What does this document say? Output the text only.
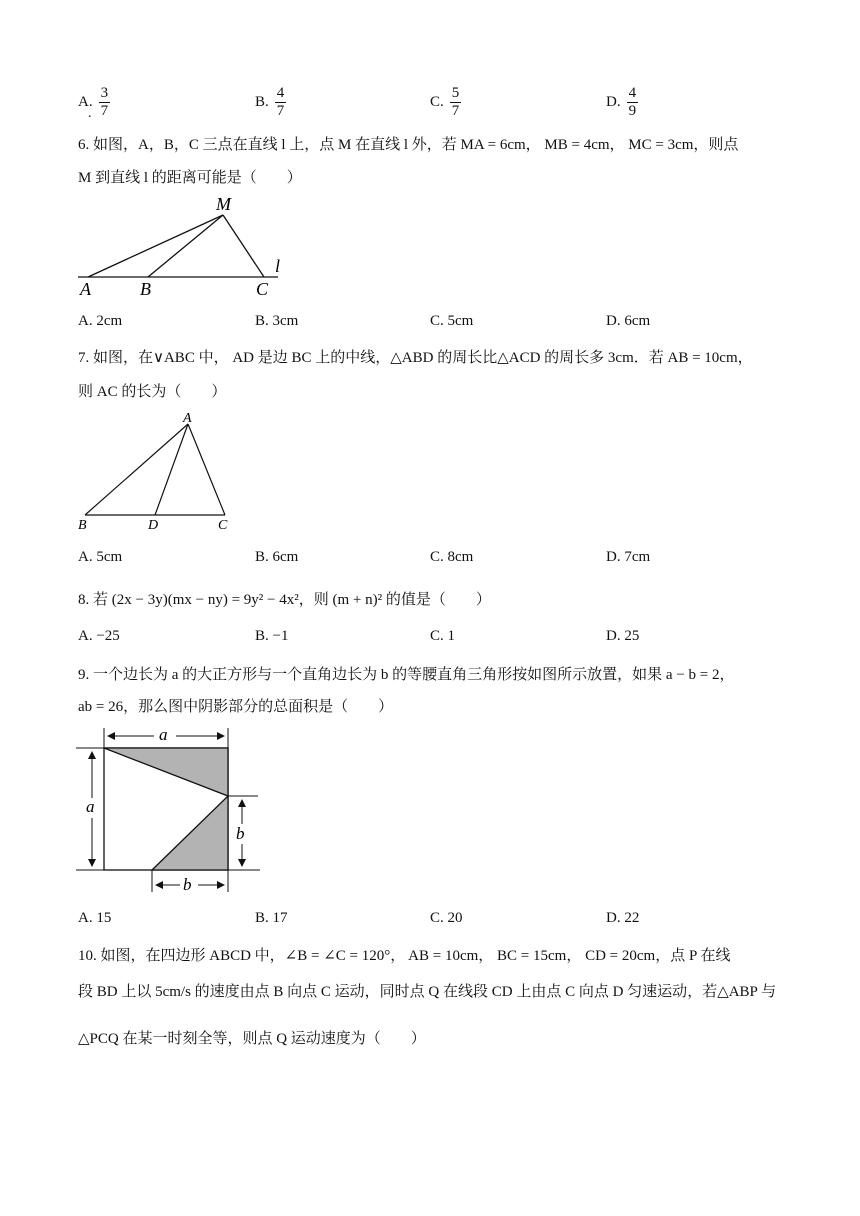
A. $\frac{3}{7}$
.
B. $\frac{4}{7}$	C. $\frac{5}{7}$	D. $\frac{4}{9}$
6. 如图，A，B，C 三点在直线 l 上，点 M 在直线 l 外，若 MA = 6cm， MB = 4cm， MC = 3cm，则点
M 到直线 l 的距离可能是（　　）
M
A	B	C
l
A. 2cm	B. 3cm	C. 5cm	D. 6cm
7. 如图，在∨ABC 中， AD 是边 BC 上的中线，△ABD 的周长比△ACD 的周长多 3cm．若 AB = 10cm，
则 AC 的长为（　　）
A
B	D	C
A. 5cm	B. 6cm	C. 8cm	D. 7cm
8. 若 (2x − 3y)(mx − ny) = 9y² − 4x²，则 (m + n)² 的值是（　　）
A. −25	B. −1	C. 1	D. 25
9. 一个边长为 a 的大正方形与一个直角边长为 b 的等腰直角三角形按如图所示放置，如果 a − b = 2，
ab = 26，那么图中阴影部分的总面积是（　　）
a
a
b
b
A. 15	B. 17	C. 20	D. 22
10. 如图，在四边形 ABCD 中，∠B = ∠C = 120°， AB = 10cm， BC = 15cm， CD = 20cm，点 P 在线
段 BD 上以 5cm/s 的速度由点 B 向点 C 运动，同时点 Q 在线段 CD 上由点 C 向点 D 匀速运动，若△ABP 与
△PCQ 在某一时刻全等，则点 Q 运动速度为（　　）
